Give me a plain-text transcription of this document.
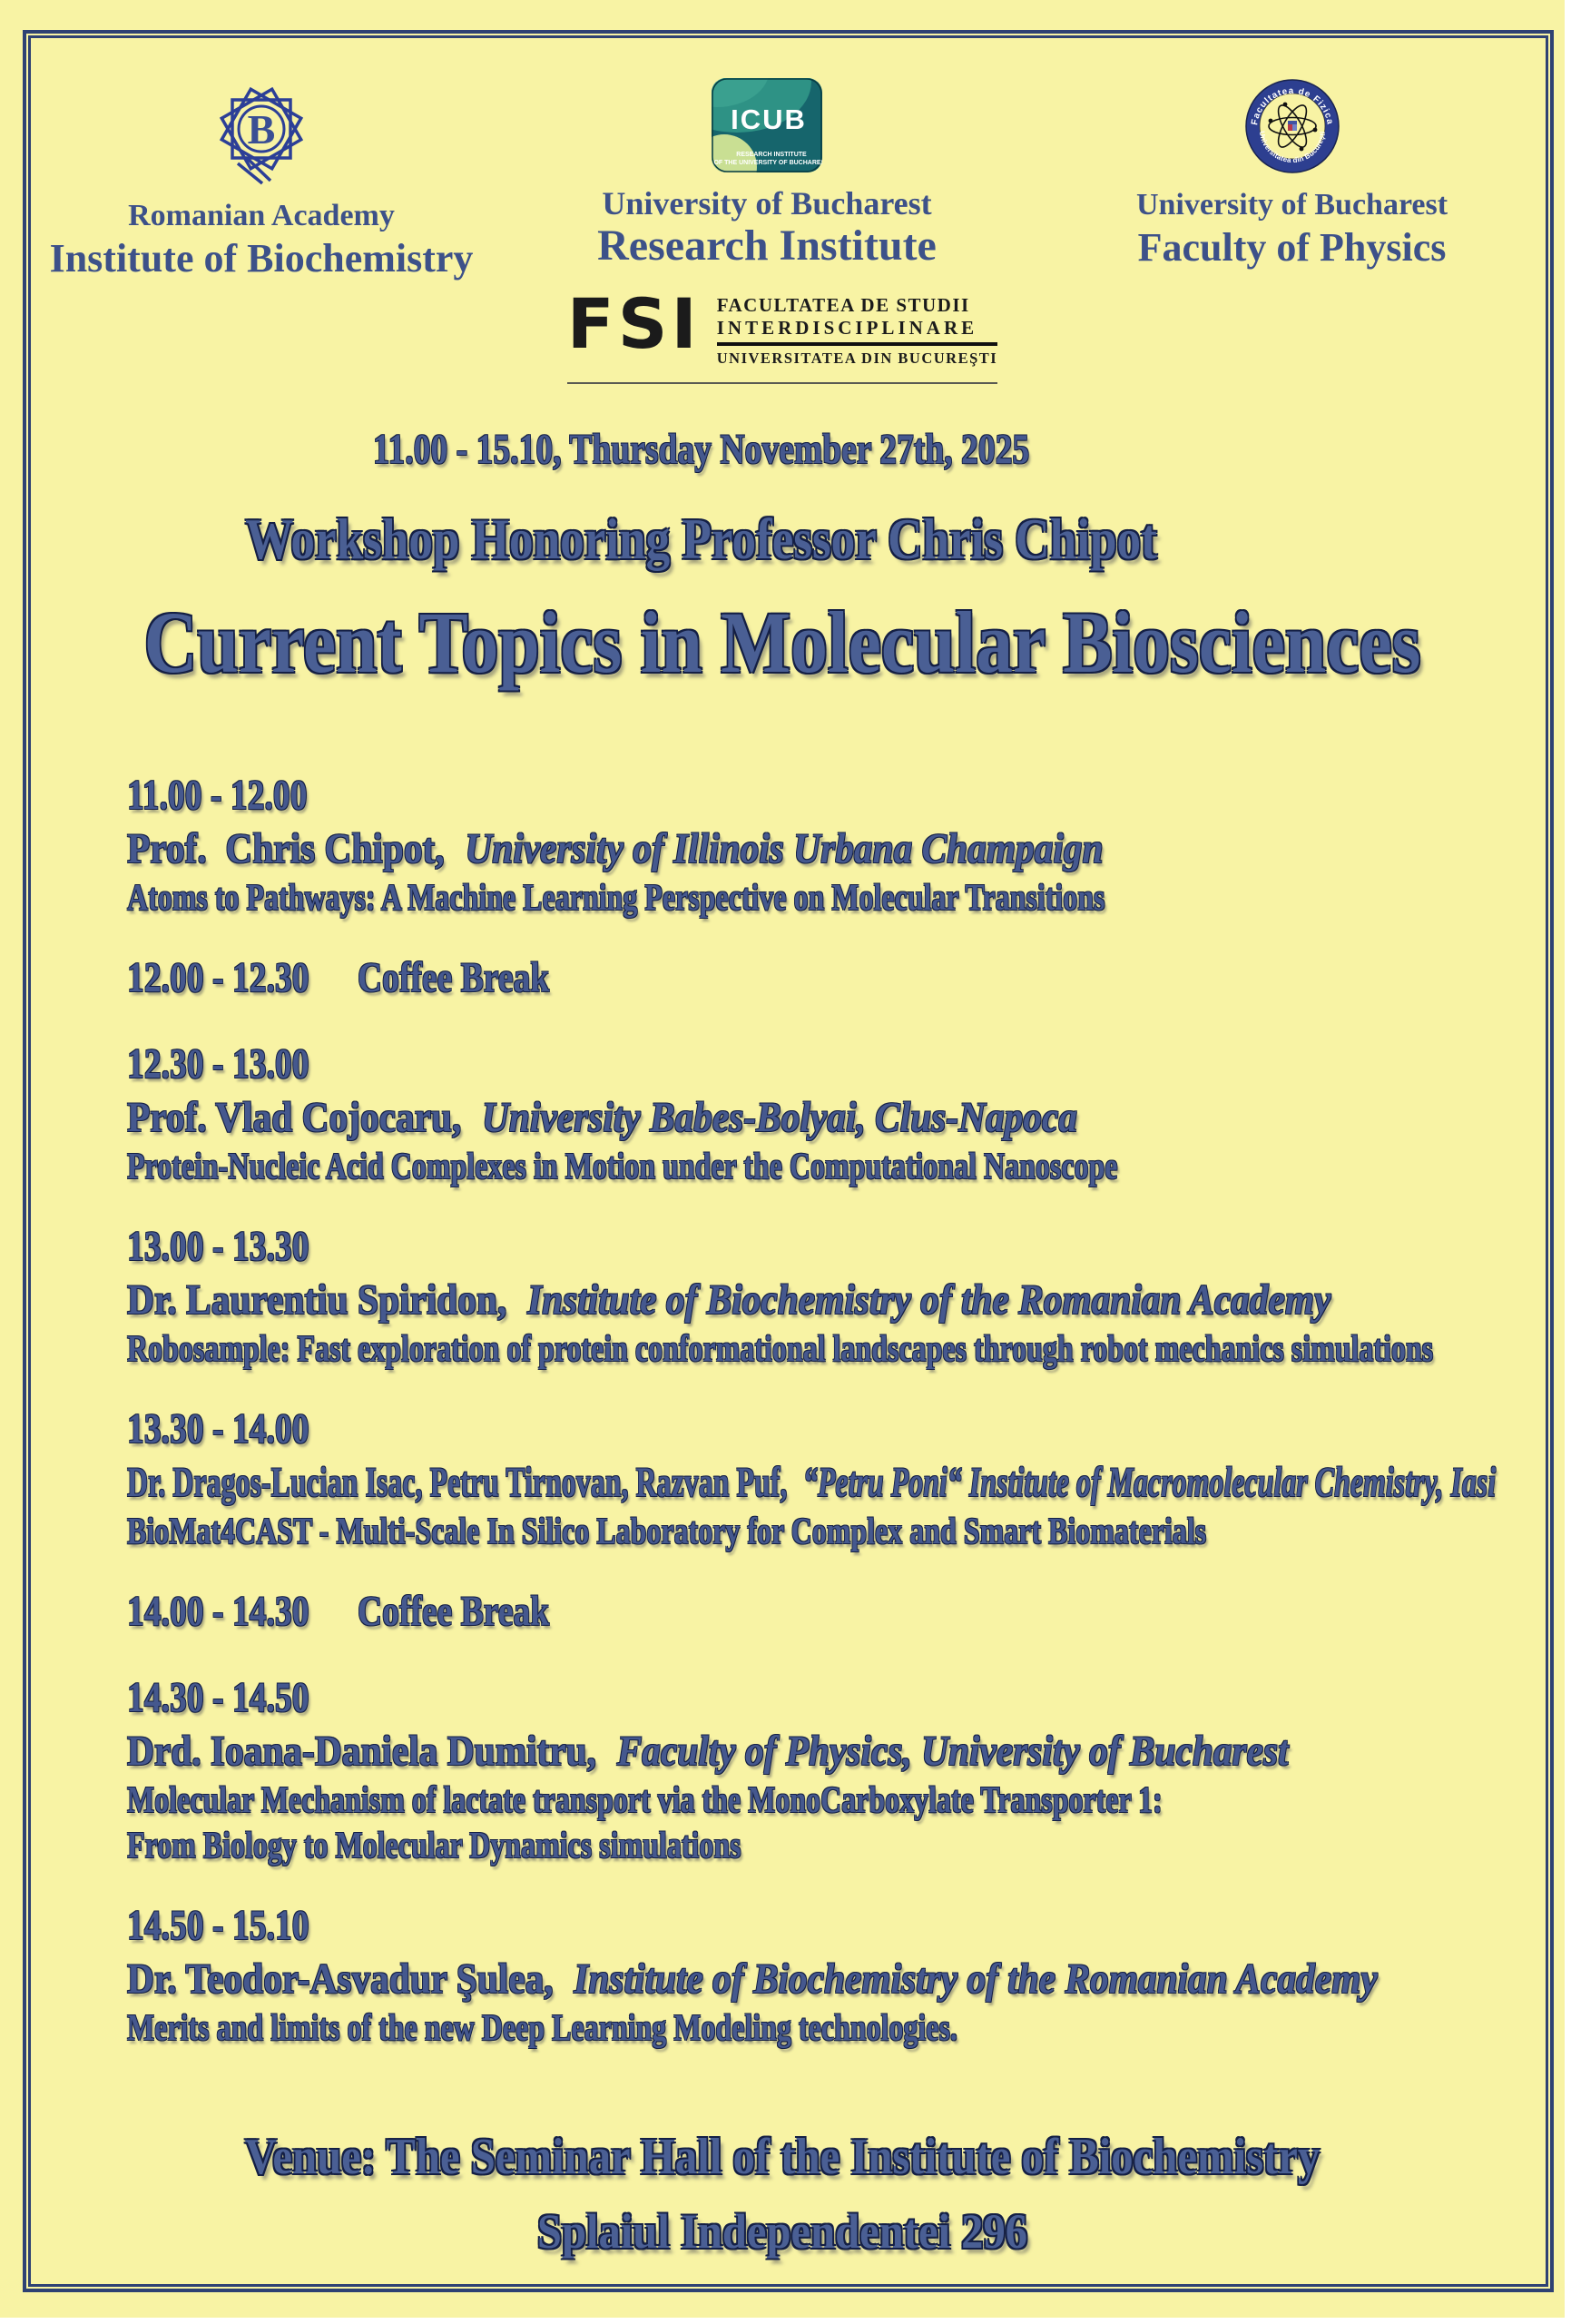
B
Romanian Academy
Institute of Biochemistry
ICUB
RESEARCH INSTITUTE
OF THE UNIVERSITY OF BUCHAREST
University of Bucharest
Research Institute
Facultatea de Fizica
Universitatea din Bucureşti
University of Bucharest
Faculty of Physics
FSI FACULTATEA DE STUDII
INTERDISCIPLINARE
UNIVERSITATEA DIN BUCUREŞTI
11.00 - 15.10, Thursday November 27th, 2025
Workshop Honoring Professor Chris Chipot
Current Topics in Molecular Biosciences
11.00 - 12.00
Prof.  Chris Chipot, University of Illinois Urbana Champaign
Atoms to Pathways: A Machine Learning Perspective on Molecular Transitions
12.00 - 12.30 Coffee Break
12.30 - 13.00
Prof. Vlad Cojocaru, University Babes-Bolyai, Clus-Napoca
Protein-Nucleic Acid Complexes in Motion under the Computational Nanoscope
13.00 - 13.30
Dr. Laurentiu Spiridon, Institute of Biochemistry of the Romanian Academy
Robosample: Fast exploration of protein conformational landscapes through robot mechanics simulations
13.30 - 14.00
Dr. Dragos-Lucian Isac, Petru Tirnovan, Razvan Puf, “Petru Poni“ Institute of Macromolecular Chemistry, Iasi
BioMat4CAST - Multi-Scale In Silico Laboratory for Complex and Smart Biomaterials
14.00 - 14.30 Coffee Break
14.30 - 14.50
Drd. Ioana-Daniela Dumitru, Faculty of Physics, University of Bucharest
Molecular Mechanism of lactate transport via the MonoCarboxylate Transporter 1:
From Biology to Molecular Dynamics simulations
14.50 - 15.10
Dr. Teodor-Asvadur Şulea, Institute of Biochemistry of the Romanian Academy
Merits and limits of the new Deep Learning Modeling technologies.
Venue: The Seminar Hall of the Institute of Biochemistry
Splaiul Independentei 296
